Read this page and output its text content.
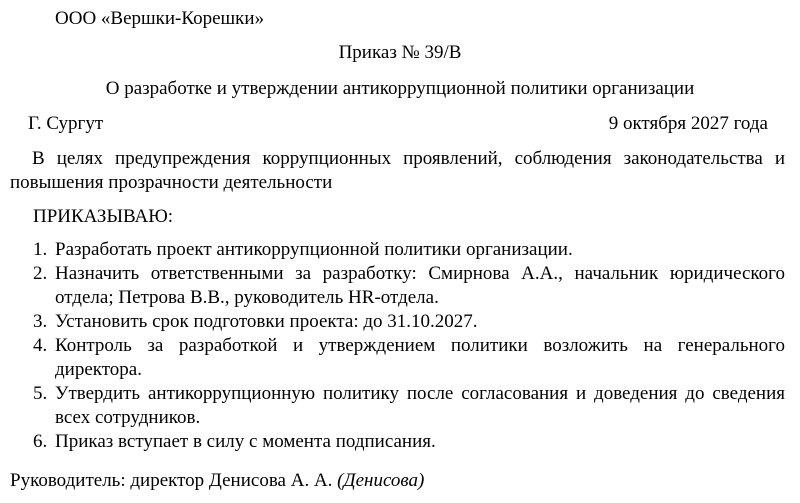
ООО «Вершки-Корешки»
Приказ № 39/В
О разработке и утверждении антикоррупционной политики организации
Г. Сургут	9 октября 2027 года
В целях предупреждения коррупционных проявлений, соблюдения законодательства и повышения прозрачности деятельности
ПРИКАЗЫВАЮ:
1. Разработать проект антикоррупционной политики организации.
2. Назначить ответственными за разработку: Смирнова А.А., начальник юридического отдела; Петрова В.В., руководитель HR-отдела.
3. Установить срок подготовки проекта: до 31.10.2027.
4. Контроль за разработкой и утверждением политики возложить на генерального директора.
5. Утвердить антикоррупционную политику после согласования и доведения до сведения всех сотрудников.
6. Приказ вступает в силу с момента подписания.
Руководитель: директор Денисова А. А. (Денисова)
